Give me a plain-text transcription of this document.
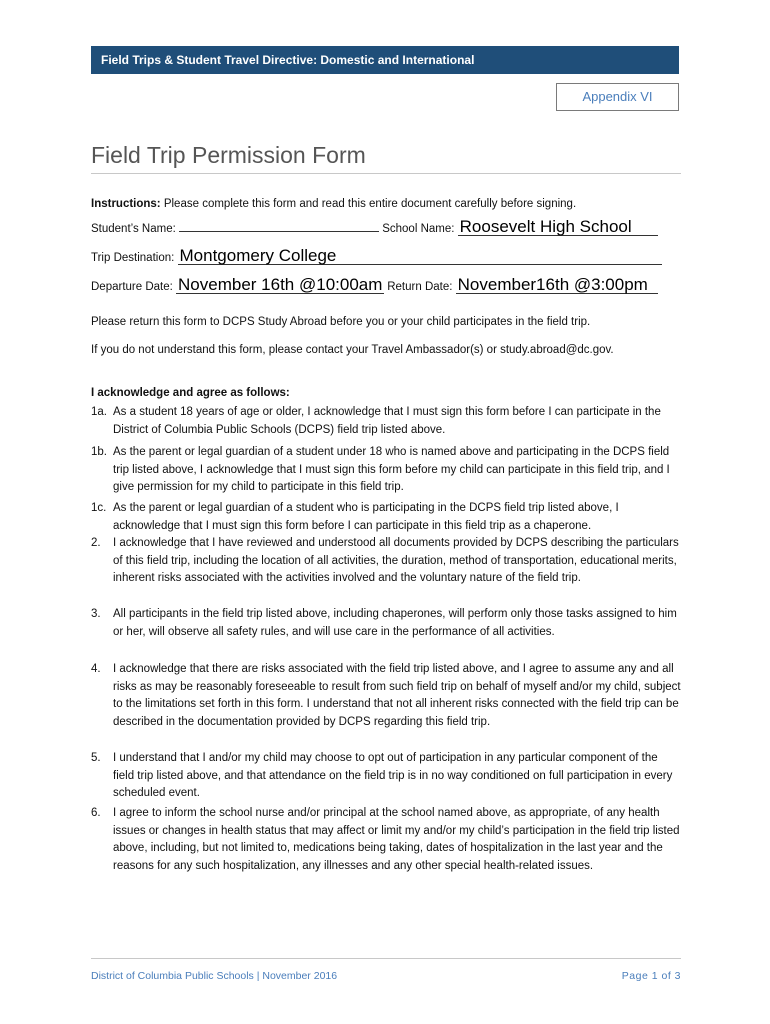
Field Trips & Student Travel Directive: Domestic and International
Appendix VI
Field Trip Permission Form
Instructions: Please complete this form and read this entire document carefully before signing.
Student’s Name:	School Name: Roosevelt High School
Trip Destination: Montgomery College
Departure Date: November 16th @10:00am Return Date: November16th @3:00pm
Please return this form to DCPS Study Abroad before you or your child participates in the field trip.
If you do not understand this form, please contact your Travel Ambassador(s) or study.abroad@dc.gov.
I acknowledge and agree as follows:
1a. As a student 18 years of age or older, I acknowledge that I must sign this form before I can participate in the District of Columbia Public Schools (DCPS) field trip listed above.
1b. As the parent or legal guardian of a student under 18 who is named above and participating in the DCPS field trip listed above, I acknowledge that I must sign this form before my child can participate in this field trip, and I give permission for my child to participate in this field trip.
1c. As the parent or legal guardian of a student who is participating in the DCPS field trip listed above, I acknowledge that I must sign this form before I can participate in this field trip as a chaperone.
2. I acknowledge that I have reviewed and understood all documents provided by DCPS describing the particulars of this field trip, including the location of all activities, the duration, method of transportation, educational merits, inherent risks associated with the activities involved and the voluntary nature of the field trip.
3. All participants in the field trip listed above, including chaperones, will perform only those tasks assigned to him or her, will observe all safety rules, and will use care in the performance of all activities.
4. I acknowledge that there are risks associated with the field trip listed above, and I agree to assume any and all risks as may be reasonably foreseeable to result from such field trip on behalf of myself and/or my child, subject to the limitations set forth in this form. I understand that not all inherent risks connected with the field trip can be described in the documentation provided by DCPS regarding this field trip.
5. I understand that I and/or my child may choose to opt out of participation in any particular component of the field trip listed above, and that attendance on the field trip is in no way conditioned on full participation in every scheduled event.
6. I agree to inform the school nurse and/or principal at the school named above, as appropriate, of any health issues or changes in health status that may affect or limit my and/or my child’s participation in the field trip listed above, including, but not limited to, medications being taking, dates of hospitalization in the last year and the reasons for any such hospitalization, any illnesses and any other special health-related issues.
District of Columbia Public Schools | November 2016	Page 1 of 3
